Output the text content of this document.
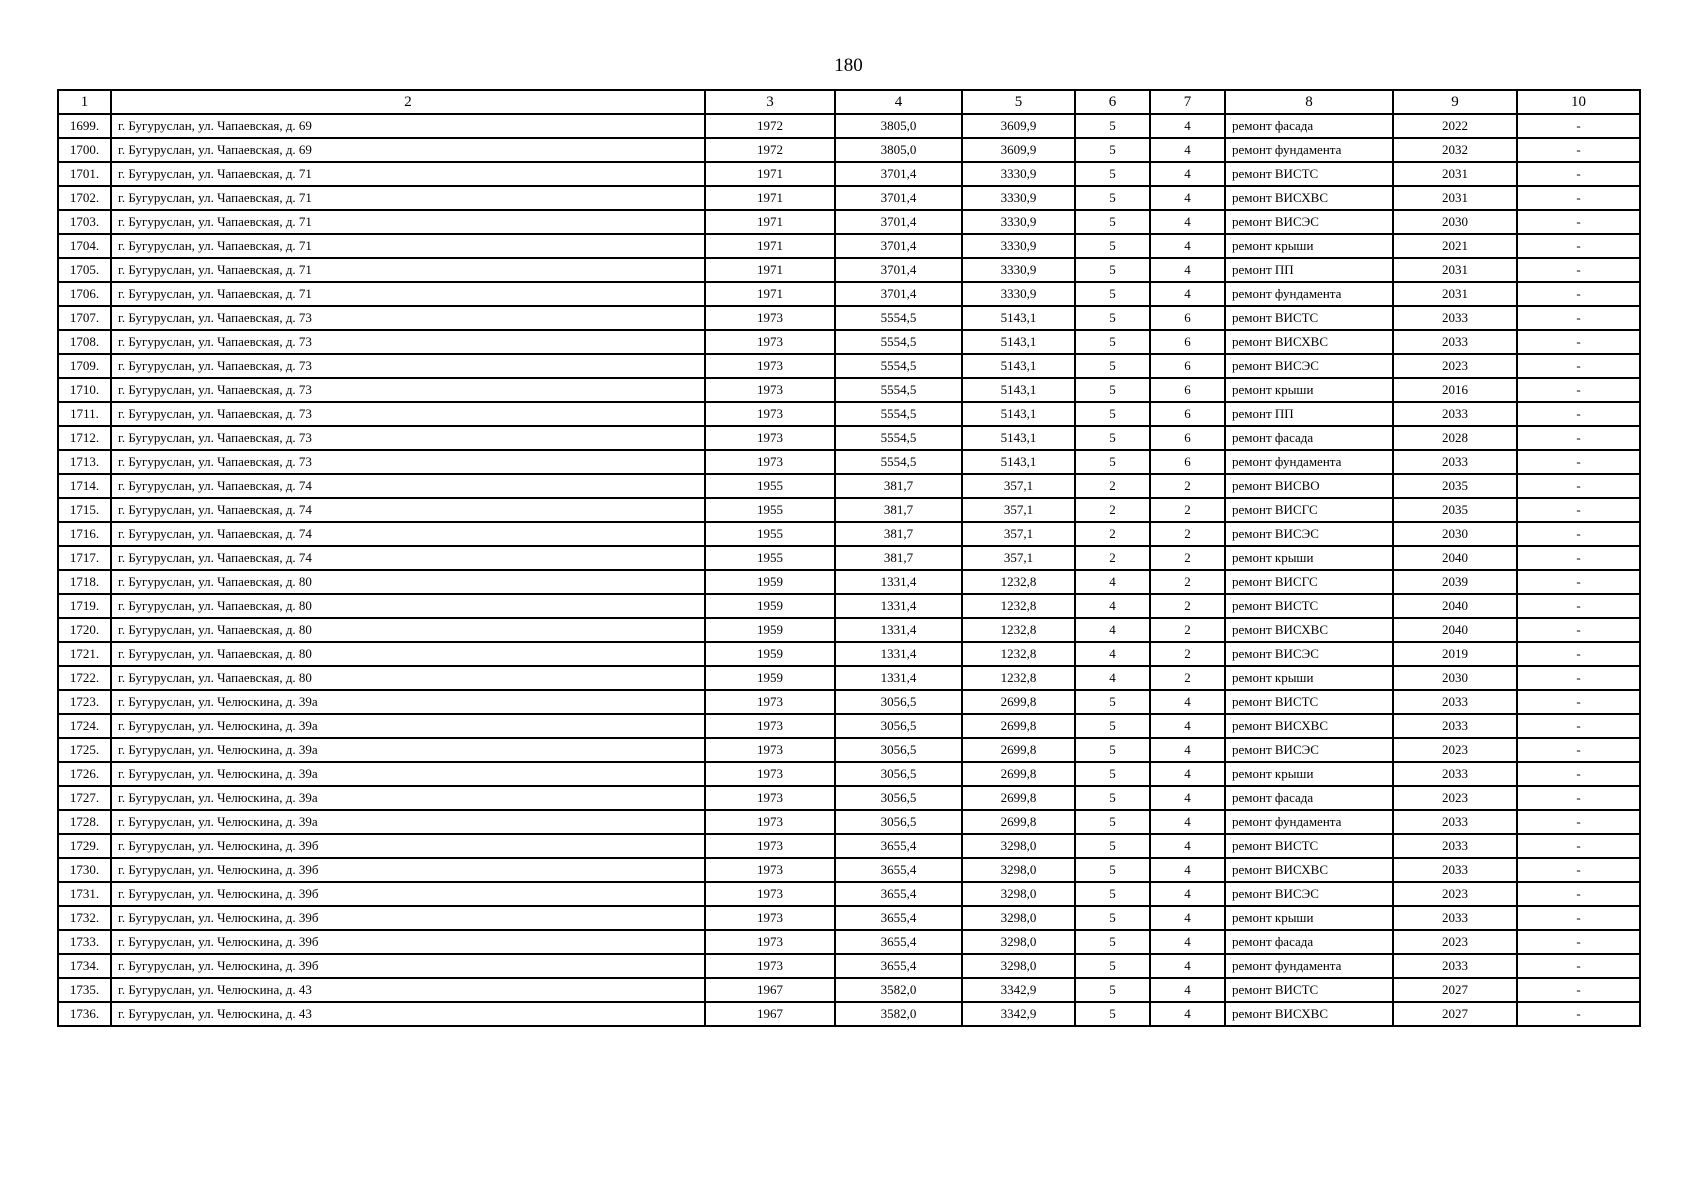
180
1	2	3	4	5	6	7	8	9	10
1699.	г. Бугуруслан, ул. Чапаевская, д. 69	1972	3805,0	3609,9	5	4	ремонт фасада	2022	-
1700.	г. Бугуруслан, ул. Чапаевская, д. 69	1972	3805,0	3609,9	5	4	ремонт фундамента	2032	-
1701.	г. Бугуруслан, ул. Чапаевская, д. 71	1971	3701,4	3330,9	5	4	ремонт ВИСТС	2031	-
1702.	г. Бугуруслан, ул. Чапаевская, д. 71	1971	3701,4	3330,9	5	4	ремонт ВИСХВС	2031	-
1703.	г. Бугуруслан, ул. Чапаевская, д. 71	1971	3701,4	3330,9	5	4	ремонт ВИСЭС	2030	-
1704.	г. Бугуруслан, ул. Чапаевская, д. 71	1971	3701,4	3330,9	5	4	ремонт крыши	2021	-
1705.	г. Бугуруслан, ул. Чапаевская, д. 71	1971	3701,4	3330,9	5	4	ремонт ПП	2031	-
1706.	г. Бугуруслан, ул. Чапаевская, д. 71	1971	3701,4	3330,9	5	4	ремонт фундамента	2031	-
1707.	г. Бугуруслан, ул. Чапаевская, д. 73	1973	5554,5	5143,1	5	6	ремонт ВИСТС	2033	-
1708.	г. Бугуруслан, ул. Чапаевская, д. 73	1973	5554,5	5143,1	5	6	ремонт ВИСХВС	2033	-
1709.	г. Бугуруслан, ул. Чапаевская, д. 73	1973	5554,5	5143,1	5	6	ремонт ВИСЭС	2023	-
1710.	г. Бугуруслан, ул. Чапаевская, д. 73	1973	5554,5	5143,1	5	6	ремонт крыши	2016	-
1711.	г. Бугуруслан, ул. Чапаевская, д. 73	1973	5554,5	5143,1	5	6	ремонт ПП	2033	-
1712.	г. Бугуруслан, ул. Чапаевская, д. 73	1973	5554,5	5143,1	5	6	ремонт фасада	2028	-
1713.	г. Бугуруслан, ул. Чапаевская, д. 73	1973	5554,5	5143,1	5	6	ремонт фундамента	2033	-
1714.	г. Бугуруслан, ул. Чапаевская, д. 74	1955	381,7	357,1	2	2	ремонт ВИСВО	2035	-
1715.	г. Бугуруслан, ул. Чапаевская, д. 74	1955	381,7	357,1	2	2	ремонт ВИСГС	2035	-
1716.	г. Бугуруслан, ул. Чапаевская, д. 74	1955	381,7	357,1	2	2	ремонт ВИСЭС	2030	-
1717.	г. Бугуруслан, ул. Чапаевская, д. 74	1955	381,7	357,1	2	2	ремонт крыши	2040	-
1718.	г. Бугуруслан, ул. Чапаевская, д. 80	1959	1331,4	1232,8	4	2	ремонт ВИСГС	2039	-
1719.	г. Бугуруслан, ул. Чапаевская, д. 80	1959	1331,4	1232,8	4	2	ремонт ВИСТС	2040	-
1720.	г. Бугуруслан, ул. Чапаевская, д. 80	1959	1331,4	1232,8	4	2	ремонт ВИСХВС	2040	-
1721.	г. Бугуруслан, ул. Чапаевская, д. 80	1959	1331,4	1232,8	4	2	ремонт ВИСЭС	2019	-
1722.	г. Бугуруслан, ул. Чапаевская, д. 80	1959	1331,4	1232,8	4	2	ремонт крыши	2030	-
1723.	г. Бугуруслан, ул. Челюскина, д. 39а	1973	3056,5	2699,8	5	4	ремонт ВИСТС	2033	-
1724.	г. Бугуруслан, ул. Челюскина, д. 39а	1973	3056,5	2699,8	5	4	ремонт ВИСХВС	2033	-
1725.	г. Бугуруслан, ул. Челюскина, д. 39а	1973	3056,5	2699,8	5	4	ремонт ВИСЭС	2023	-
1726.	г. Бугуруслан, ул. Челюскина, д. 39а	1973	3056,5	2699,8	5	4	ремонт крыши	2033	-
1727.	г. Бугуруслан, ул. Челюскина, д. 39а	1973	3056,5	2699,8	5	4	ремонт фасада	2023	-
1728.	г. Бугуруслан, ул. Челюскина, д. 39а	1973	3056,5	2699,8	5	4	ремонт фундамента	2033	-
1729.	г. Бугуруслан, ул. Челюскина, д. 39б	1973	3655,4	3298,0	5	4	ремонт ВИСТС	2033	-
1730.	г. Бугуруслан, ул. Челюскина, д. 39б	1973	3655,4	3298,0	5	4	ремонт ВИСХВС	2033	-
1731.	г. Бугуруслан, ул. Челюскина, д. 39б	1973	3655,4	3298,0	5	4	ремонт ВИСЭС	2023	-
1732.	г. Бугуруслан, ул. Челюскина, д. 39б	1973	3655,4	3298,0	5	4	ремонт крыши	2033	-
1733.	г. Бугуруслан, ул. Челюскина, д. 39б	1973	3655,4	3298,0	5	4	ремонт фасада	2023	-
1734.	г. Бугуруслан, ул. Челюскина, д. 39б	1973	3655,4	3298,0	5	4	ремонт фундамента	2033	-
1735.	г. Бугуруслан, ул. Челюскина, д. 43	1967	3582,0	3342,9	5	4	ремонт ВИСТС	2027	-
1736.	г. Бугуруслан, ул. Челюскина, д. 43	1967	3582,0	3342,9	5	4	ремонт ВИСХВС	2027	-
